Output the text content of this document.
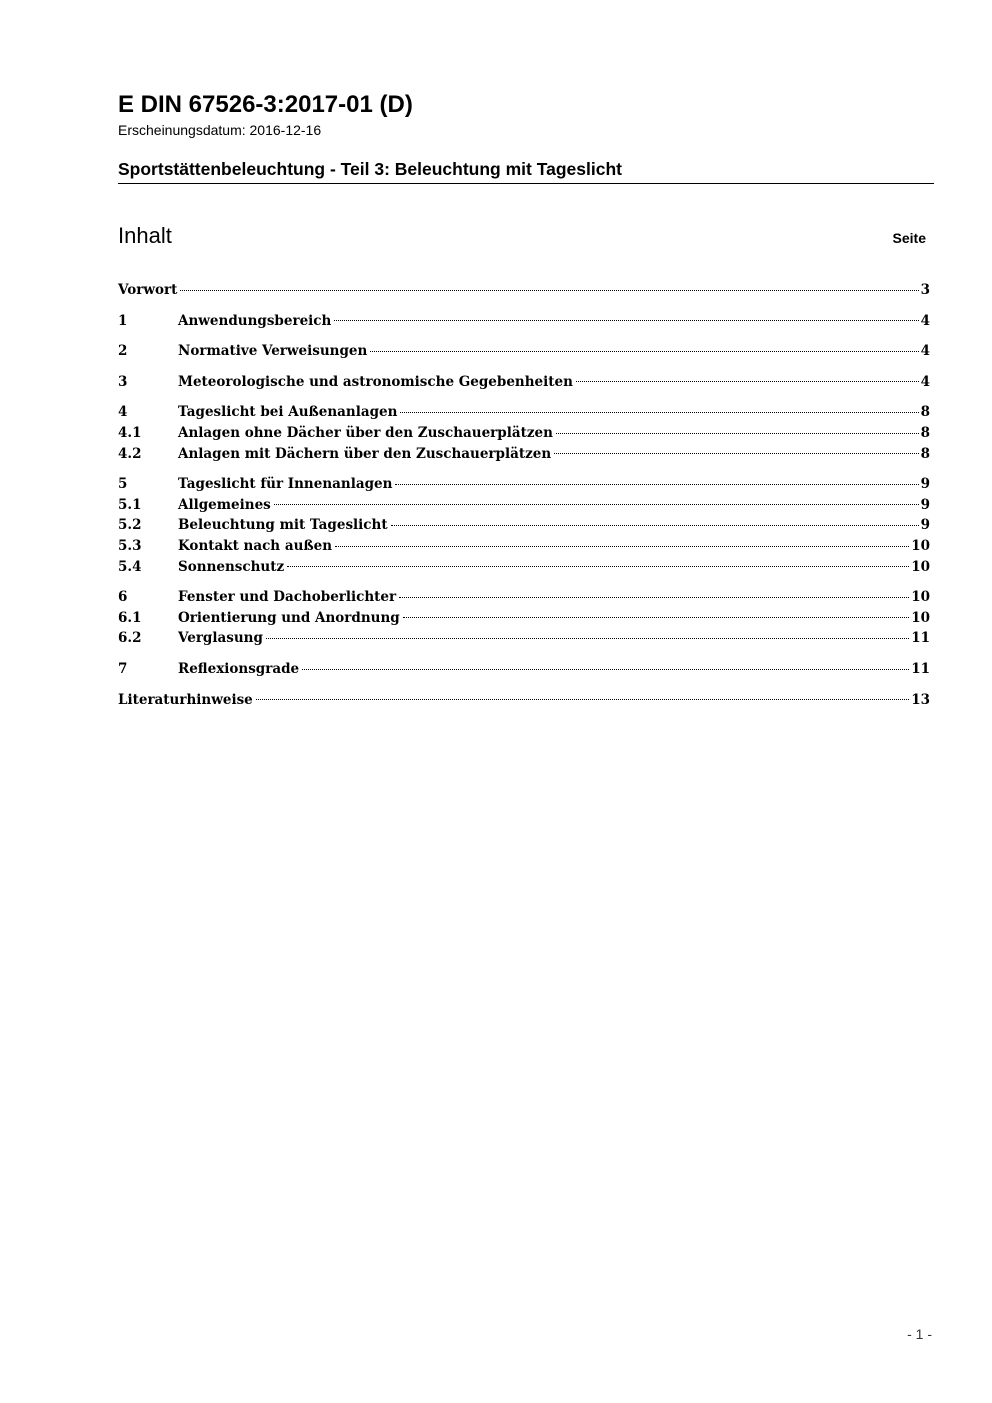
E DIN 67526-3:2017-01 (D)
Erscheinungsdatum: 2016-12-16
Sportstättenbeleuchtung - Teil 3: Beleuchtung mit Tageslicht
Inhalt	Seite
Vorwort	3
1	Anwendungsbereich	4
2	Normative Verweisungen	4
3	Meteorologische und astronomische Gegebenheiten	4
4	Tageslicht bei Außenanlagen	8
4.1	Anlagen ohne Dächer über den Zuschauerplätzen	8
4.2	Anlagen mit Dächern über den Zuschauerplätzen	8
5	Tageslicht für Innenanlagen	9
5.1	Allgemeines	9
5.2	Beleuchtung mit Tageslicht	9
5.3	Kontakt nach außen	10
5.4	Sonnenschutz	10
6	Fenster und Dachoberlichter	10
6.1	Orientierung und Anordnung	10
6.2	Verglasung	11
7	Reflexionsgrade	11
Literaturhinweise	13
- 1 -
